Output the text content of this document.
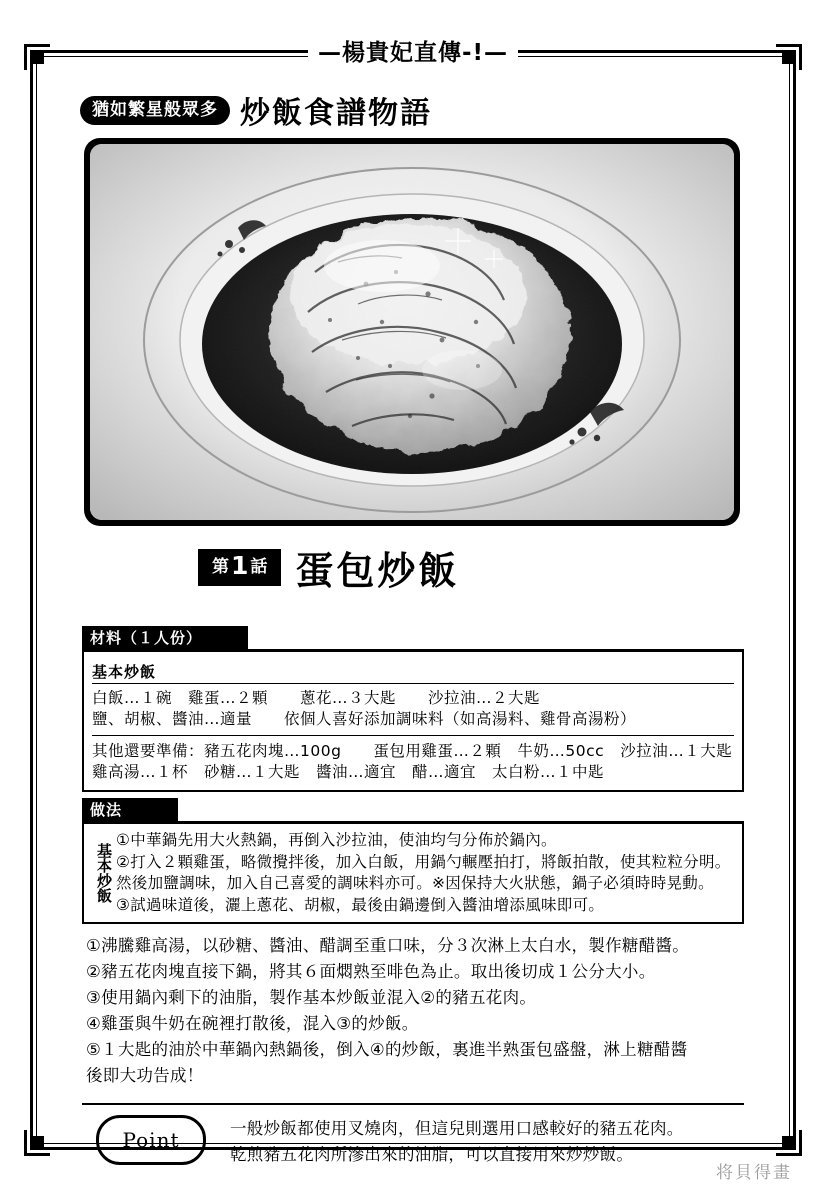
—楊貴妃直傳-!—
猶如繁星般眾多 炒飯食譜物語
第1 話 蛋包炒飯
材料（１人份）
基本炒飯
白飯…１碗　雞蛋…２顆　　蔥花…３大匙　　沙拉油…２大匙
鹽、胡椒、醬油…適量　　依個人喜好添加調味料（如高湯料、雞骨高湯粉）
其他還要準備：豬五花肉塊…100g　　蛋包用雞蛋…２顆　牛奶…50cc　沙拉油…１大匙
雞高湯…１杯　砂糖…１大匙　醬油…適宜　醋…適宜　太白粉…１中匙
做法
基本炒飯
①中華鍋先用大火熱鍋，再倒入沙拉油，使油均勻分佈於鍋內。
②打入２顆雞蛋，略微攪拌後，加入白飯，用鍋勺輾壓拍打，將飯拍散，使其粒粒分明。
然後加鹽調味，加入自己喜愛的調味料亦可。※因保持大火狀態，鍋子必須時時晃動。
③試過味道後，灑上蔥花、胡椒，最後由鍋邊倒入醬油增添風味即可。
①沸騰雞高湯，以砂糖、醬油、醋調至重口味，分３次淋上太白水，製作糖醋醬。
②豬五花肉塊直接下鍋，將其６面燜熟至啡色為止。取出後切成１公分大小。
③使用鍋內剩下的油脂，製作基本炒飯並混入②的豬五花肉。
④雞蛋與牛奶在碗裡打散後，混入③的炒飯。
⑤１大匙的油於中華鍋內熱鍋後，倒入④的炒飯，裏進半熟蛋包盛盤，淋上糖醋醬
後即大功告成！
Point	一般炒飯都使用叉燒肉，但這兒則選用口感較好的豬五花肉。
乾煎豬五花肉所滲出來的油脂，可以直接用來炒炒飯。
将貝得畫
